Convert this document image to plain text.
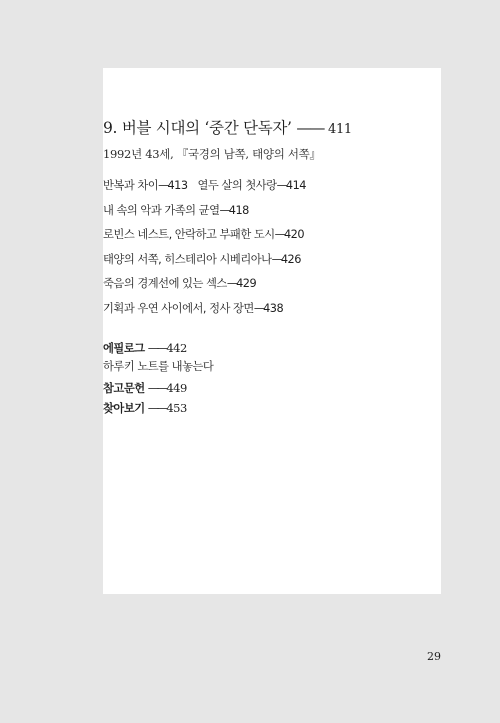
9. 버블 시대의 ‘중간 단독자’ —— 411
1992년 43세, 『국경의 남쪽, 태양의 서쪽』
반복과 차이—413 열두 살의 첫사랑—414
내 속의 악과 가족의 균열—418
로빈스 네스트, 안락하고 부패한 도시—420
태양의 서쪽, 히스테리아 시베리아나—426
죽음의 경계선에 있는 섹스—429
기획과 우연 사이에서, 정사 장면—438
에필로그 ——442
하루키 노트를 내놓는다
참고문헌 ——449
찾아보기 ——453
29
